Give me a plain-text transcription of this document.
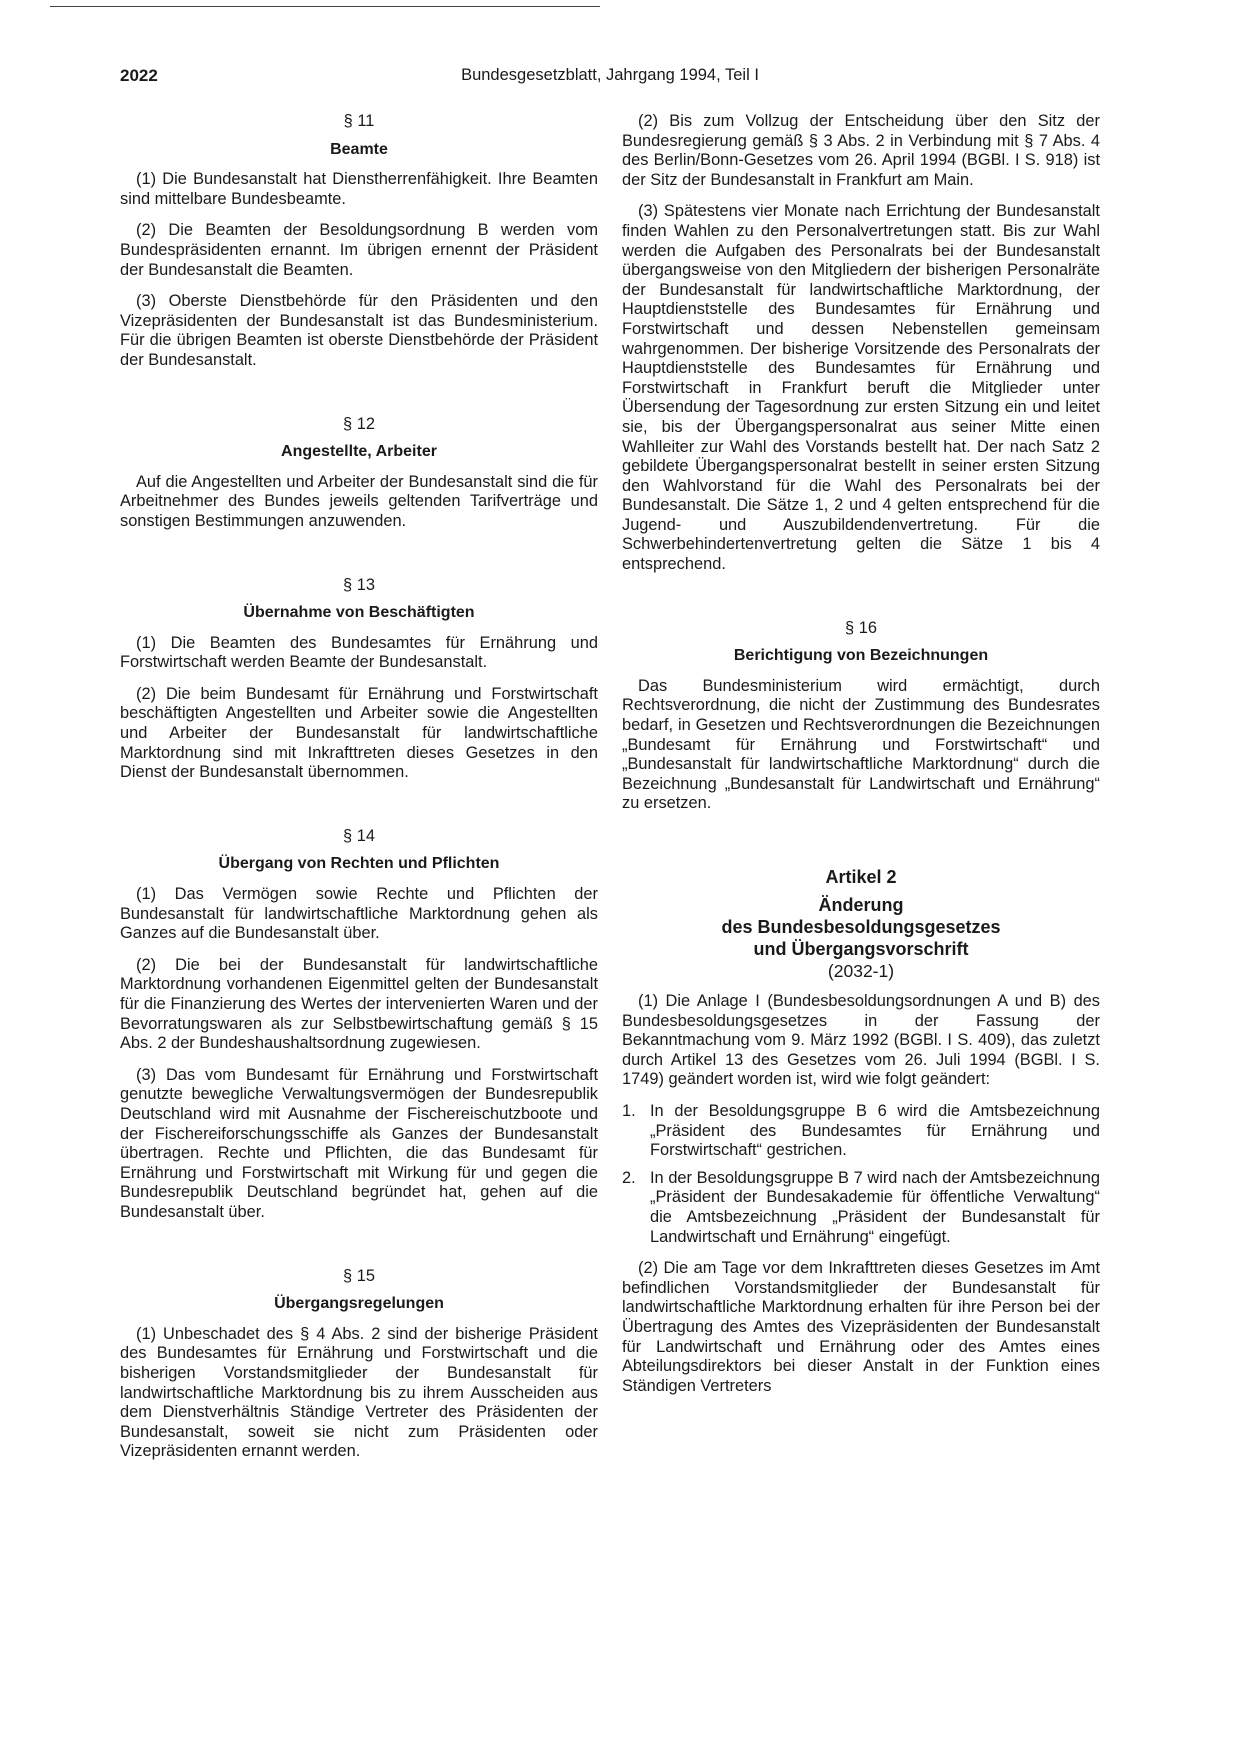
2022	Bundesgesetzblatt, Jahrgang 1994, Teil I
§ 11
Beamte

(1) Die Bundesanstalt hat Dienstherrenfähigkeit. Ihre Beamten sind mittelbare Bundesbeamte.

(2) Die Beamten der Besoldungsordnung B werden vom Bundespräsidenten ernannt. Im übrigen ernennt der Präsident der Bundesanstalt die Beamten.

(3) Oberste Dienstbehörde für den Präsidenten und den Vizepräsidenten der Bundesanstalt ist das Bundesministerium. Für die übrigen Beamten ist oberste Dienstbehörde der Präsident der Bundesanstalt.

§ 12
Angestellte, Arbeiter

Auf die Angestellten und Arbeiter der Bundesanstalt sind die für Arbeitnehmer des Bundes jeweils geltenden Tarifverträge und sonstigen Bestimmungen anzuwenden.

§ 13
Übernahme von Beschäftigten

(1) Die Beamten des Bundesamtes für Ernährung und Forstwirtschaft werden Beamte der Bundesanstalt.

(2) Die beim Bundesamt für Ernährung und Forstwirtschaft beschäftigten Angestellten und Arbeiter sowie die Angestellten und Arbeiter der Bundesanstalt für landwirtschaftliche Marktordnung sind mit Inkrafttreten dieses Gesetzes in den Dienst der Bundesanstalt übernommen.

§ 14
Übergang von Rechten und Pflichten

(1) Das Vermögen sowie Rechte und Pflichten der Bundesanstalt für landwirtschaftliche Marktordnung gehen als Ganzes auf die Bundesanstalt über.

(2) Die bei der Bundesanstalt für landwirtschaftliche Marktordnung vorhandenen Eigenmittel gelten der Bundesanstalt für die Finanzierung des Wertes der intervenierten Waren und der Bevorratungswaren als zur Selbstbewirtschaftung gemäß § 15 Abs. 2 der Bundeshaushaltsordnung zugewiesen.

(3) Das vom Bundesamt für Ernährung und Forstwirtschaft genutzte bewegliche Verwaltungsvermögen der Bundesrepublik Deutschland wird mit Ausnahme der Fischereischutzboote und der Fischereiforschungsschiffe als Ganzes der Bundesanstalt übertragen. Rechte und Pflichten, die das Bundesamt für Ernährung und Forstwirtschaft mit Wirkung für und gegen die Bundesrepublik Deutschland begründet hat, gehen auf die Bundesanstalt über.

§ 15
Übergangsregelungen

(1) Unbeschadet des § 4 Abs. 2 sind der bisherige Präsident des Bundesamtes für Ernährung und Forstwirtschaft und die bisherigen Vorstandsmitglieder der Bundesanstalt für landwirtschaftliche Marktordnung bis zu ihrem Ausscheiden aus dem Dienstverhältnis Ständige Vertreter des Präsidenten der Bundesanstalt, soweit sie nicht zum Präsidenten oder Vizepräsidenten ernannt werden.

(2) Bis zum Vollzug der Entscheidung über den Sitz der Bundesregierung gemäß § 3 Abs. 2 in Verbindung mit § 7 Abs. 4 des Berlin/Bonn-Gesetzes vom 26. April 1994 (BGBl. I S. 918) ist der Sitz der Bundesanstalt in Frankfurt am Main.

(3) Spätestens vier Monate nach Errichtung der Bundesanstalt finden Wahlen zu den Personalvertretungen statt. Bis zur Wahl werden die Aufgaben des Personalrats bei der Bundesanstalt übergangsweise von den Mitgliedern der bisherigen Personalräte der Bundesanstalt für landwirtschaftliche Marktordnung, der Hauptdienststelle des Bundesamtes für Ernährung und Forstwirtschaft und dessen Nebenstellen gemeinsam wahrgenommen. Der bisherige Vorsitzende des Personalrats der Hauptdienststelle des Bundesamtes für Ernährung und Forstwirtschaft in Frankfurt beruft die Mitglieder unter Übersendung der Tagesordnung zur ersten Sitzung ein und leitet sie, bis der Übergangspersonalrat aus seiner Mitte einen Wahlleiter zur Wahl des Vorstands bestellt hat. Der nach Satz 2 gebildete Übergangspersonalrat bestellt in seiner ersten Sitzung den Wahlvorstand für die Wahl des Personalrats bei der Bundesanstalt. Die Sätze 1, 2 und 4 gelten entsprechend für die Jugend- und Auszubildendenvertretung. Für die Schwerbehindertenvertretung gelten die Sätze 1 bis 4 entsprechend.

§ 16
Berichtigung von Bezeichnungen

Das Bundesministerium wird ermächtigt, durch Rechtsverordnung, die nicht der Zustimmung des Bundesrates bedarf, in Gesetzen und Rechtsverordnungen die Bezeichnungen „Bundesamt für Ernährung und Forstwirtschaft“ und „Bundesanstalt für landwirtschaftliche Marktordnung“ durch die Bezeichnung „Bundesanstalt für Landwirtschaft und Ernährung“ zu ersetzen.

Artikel 2
Änderung
des Bundesbesoldungsgesetzes
und Übergangsvorschrift
(2032-1)

(1) Die Anlage I (Bundesbesoldungsordnungen A und B) des Bundesbesoldungsgesetzes in der Fassung der Bekanntmachung vom 9. März 1992 (BGBl. I S. 409), das zuletzt durch Artikel 13 des Gesetzes vom 26. Juli 1994 (BGBl. I S. 1749) geändert worden ist, wird wie folgt geändert:

1. In der Besoldungsgruppe B 6 wird die Amtsbezeichnung „Präsident des Bundesamtes für Ernährung und Forstwirtschaft“ gestrichen.
2. In der Besoldungsgruppe B 7 wird nach der Amtsbezeichnung „Präsident der Bundesakademie für öffentliche Verwaltung“ die Amtsbezeichnung „Präsident der Bundesanstalt für Landwirtschaft und Ernährung“ eingefügt.

(2) Die am Tage vor dem Inkrafttreten dieses Gesetzes im Amt befindlichen Vorstandsmitglieder der Bundesanstalt für landwirtschaftliche Marktordnung erhalten für ihre Person bei der Übertragung des Amtes des Vizepräsidenten der Bundesanstalt für Landwirtschaft und Ernährung oder des Amtes eines Abteilungsdirektors bei dieser Anstalt in der Funktion eines Ständigen Vertreters
